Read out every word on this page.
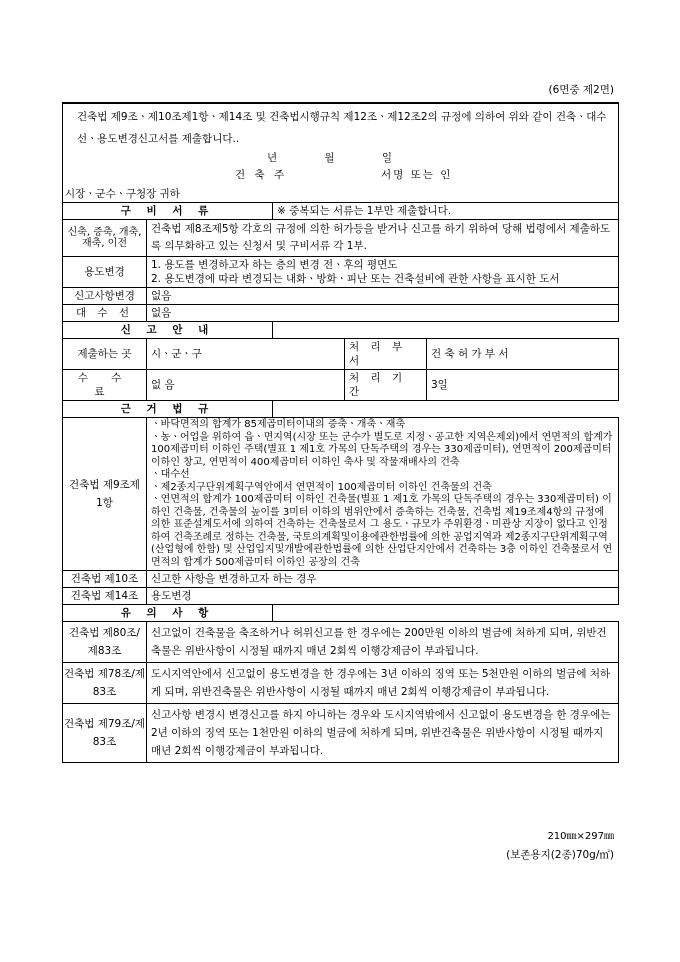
(6면중 제2면)
건축법 제9조ㆍ제10조제1항ㆍ제14조 및 건축법시행규칙 제12조ㆍ제12조2의 규정에 의하여 위와 같이 건축ㆍ대수선ㆍ용도변경신고서를 제출합니다..				
년 월 일				

건 축 주 서명 또는 인				

시장ㆍ군수ㆍ구청장 귀하				
구 비 서 류		※ 중복되는 서류는 1부만 제출합니다.		
신축, 증축, 개축, 재축, 이전	건축법 제8조제5항 각호의 규정에 의한 허가등을 받거나 신고를 하기 위하여 당해 법령에서 제출하도록 의무화하고 있는 신청서 및 구비서류 각 1부.			
용도변경	1. 용도를 변경하고자 하는 층의 변경 전ㆍ후의 평면도
2. 용도변경에 따라 변경되는 내화ㆍ방화ㆍ피난 또는 건축설비에 관한 사항을 표시한 도서			

신고사항변경	없음			
대 수 선	없음			
신 고 안 내				
제출하는 곳	시ㆍ군ㆍ구		처 리 부 서	건 축 허 가 부 서
수 수 료	없 음		처 리 기 간	3일
근 거 법 규				
건축법 제9조제1항	ㆍ바닥면적의 합계가 85제곱미터이내의 증축ㆍ개축ㆍ재축
ㆍ농ㆍ어업을 위하여 읍ㆍ면지역(시장 또는 군수가 별도로 지정ㆍ공고한 지역은제외)에서 연면적의 합계가 100제곱미터 이하인 주택(별표 1 제1호 가목의 단독주택의 경우는 330제곱미터), 연면적이 200제곱미터 이하인 창고, 연면적이 400제곱미터 이하인 축사 및 작물재배사의 건축
ㆍ대수선
ㆍ제2종지구단위계획구역안에서 연면적이 100제곱미터 이하인 건축물의 건축
ㆍ연면적의 합계가 100제곱미터 이하인 건축물(별표 1 제1호 가목의 단독주택의 경우는 330제곱미터) 이하인 건축물, 건축물의 높이를 3미터 이하의 범위안에서 증축하는 건축물, 건축법 제19조제4항의 규정에 의한 표준설계도서에 의하여 건축하는 건축물로서 그 용도ㆍ규모가 주위환경ㆍ미관상 지장이 없다고 인정하여 건축조례로 정하는 건축물, 국토의계획및이용에관한법률에 의한 공업지역과 제2종지구단위계획구역(산업형에 한함) 및 산업입지및개발에관한법률에 의한 산업단지안에서 건축하는 3층 이하인 건축물로서 연면적의 합계가 500제곱미터 이하인 공장의 건축			

건축법 제10조	신고한 사항을 변경하고자 하는 경우			
건축법 제14조	용도변경			
유 의 사 항				
건축법 제80조/제83조	신고없이 건축물을 축조하거나 허위신고를 한 경우에는 200만원 이하의 벌금에 처하게 되며, 위반건축물은 위반사항이 시정될 때까지 매년 2회씩 이행강제금이 부과됩니다.			
건축법 제78조/제83조	도시지역안에서 신고없이 용도변경을 한 경우에는 3년 이하의 징역 또는 5천만원 이하의 벌금에 처하게 되며, 위반건축물은 위반사항이 시정될 때까지 매년 2회씩 이행강제금이 부과됩니다.			
건축법 제79조/제83조	신고사항 변경시 변경신고를 하지 아니하는 경우와 도시지역밖에서 신고없이 용도변경을 한 경우에는 2년 이하의 징역 또는 1천만원 이하의 벌금에 처하게 되며, 위반건축물은 위반사항이 시정될 때까지 매년 2회씩 이행강제금이 부과됩니다.			
210㎜×297㎜
(보존용지(2종)70g/㎡)
